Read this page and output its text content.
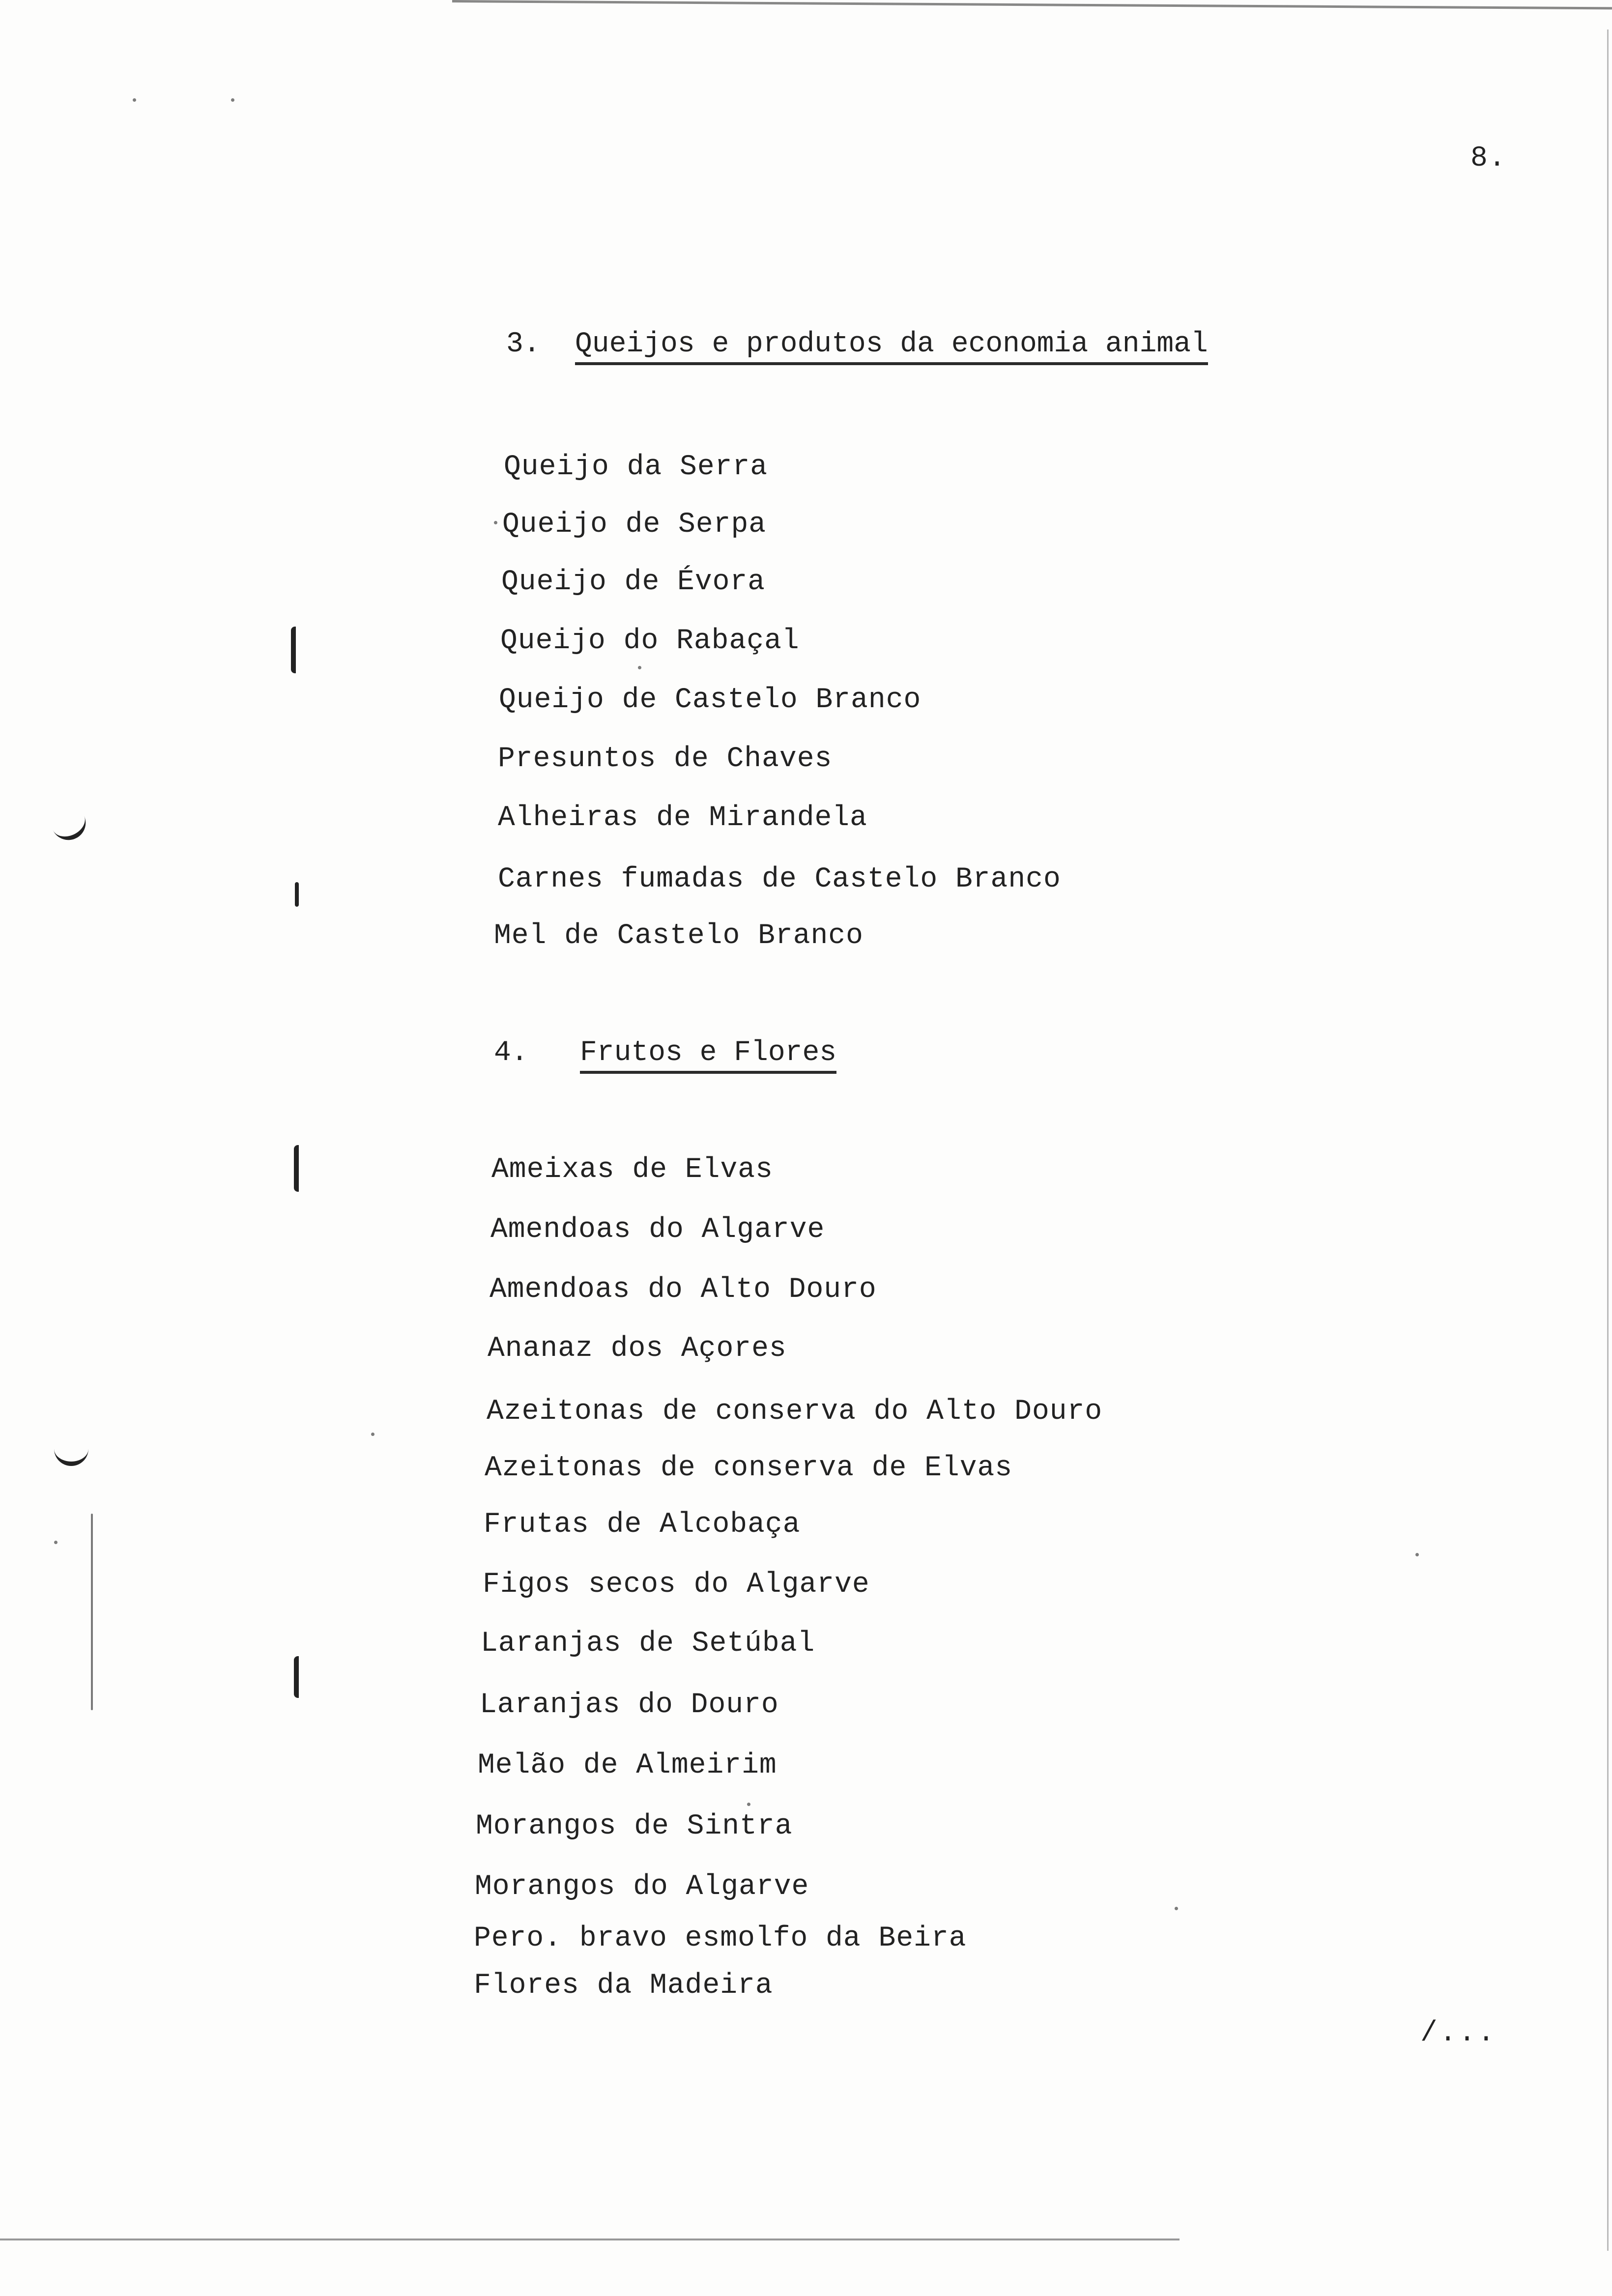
8.
3. Queijos e produtos da economia animal
Queijo da Serra
Queijo de Serpa
Queijo de Évora
Queijo do Rabaçal
Queijo de Castelo Branco
Presuntos de Chaves
Alheiras de Mirandela
Carnes fumadas de Castelo Branco
Mel de Castelo Branco
4. Frutos e Flores
Ameixas de Elvas
Amendoas do Algarve
Amendoas do Alto Douro
Ananaz dos Açores
Azeitonas de conserva do Alto Douro
Azeitonas de conserva de Elvas
Frutas de Alcobaça
Figos secos do Algarve
Laranjas de Setúbal
Laranjas do Douro
Melão de Almeirim
Morangos de Sintra
Morangos do Algarve
Pero. bravo esmolfo da Beira
Flores da Madeira
/...
